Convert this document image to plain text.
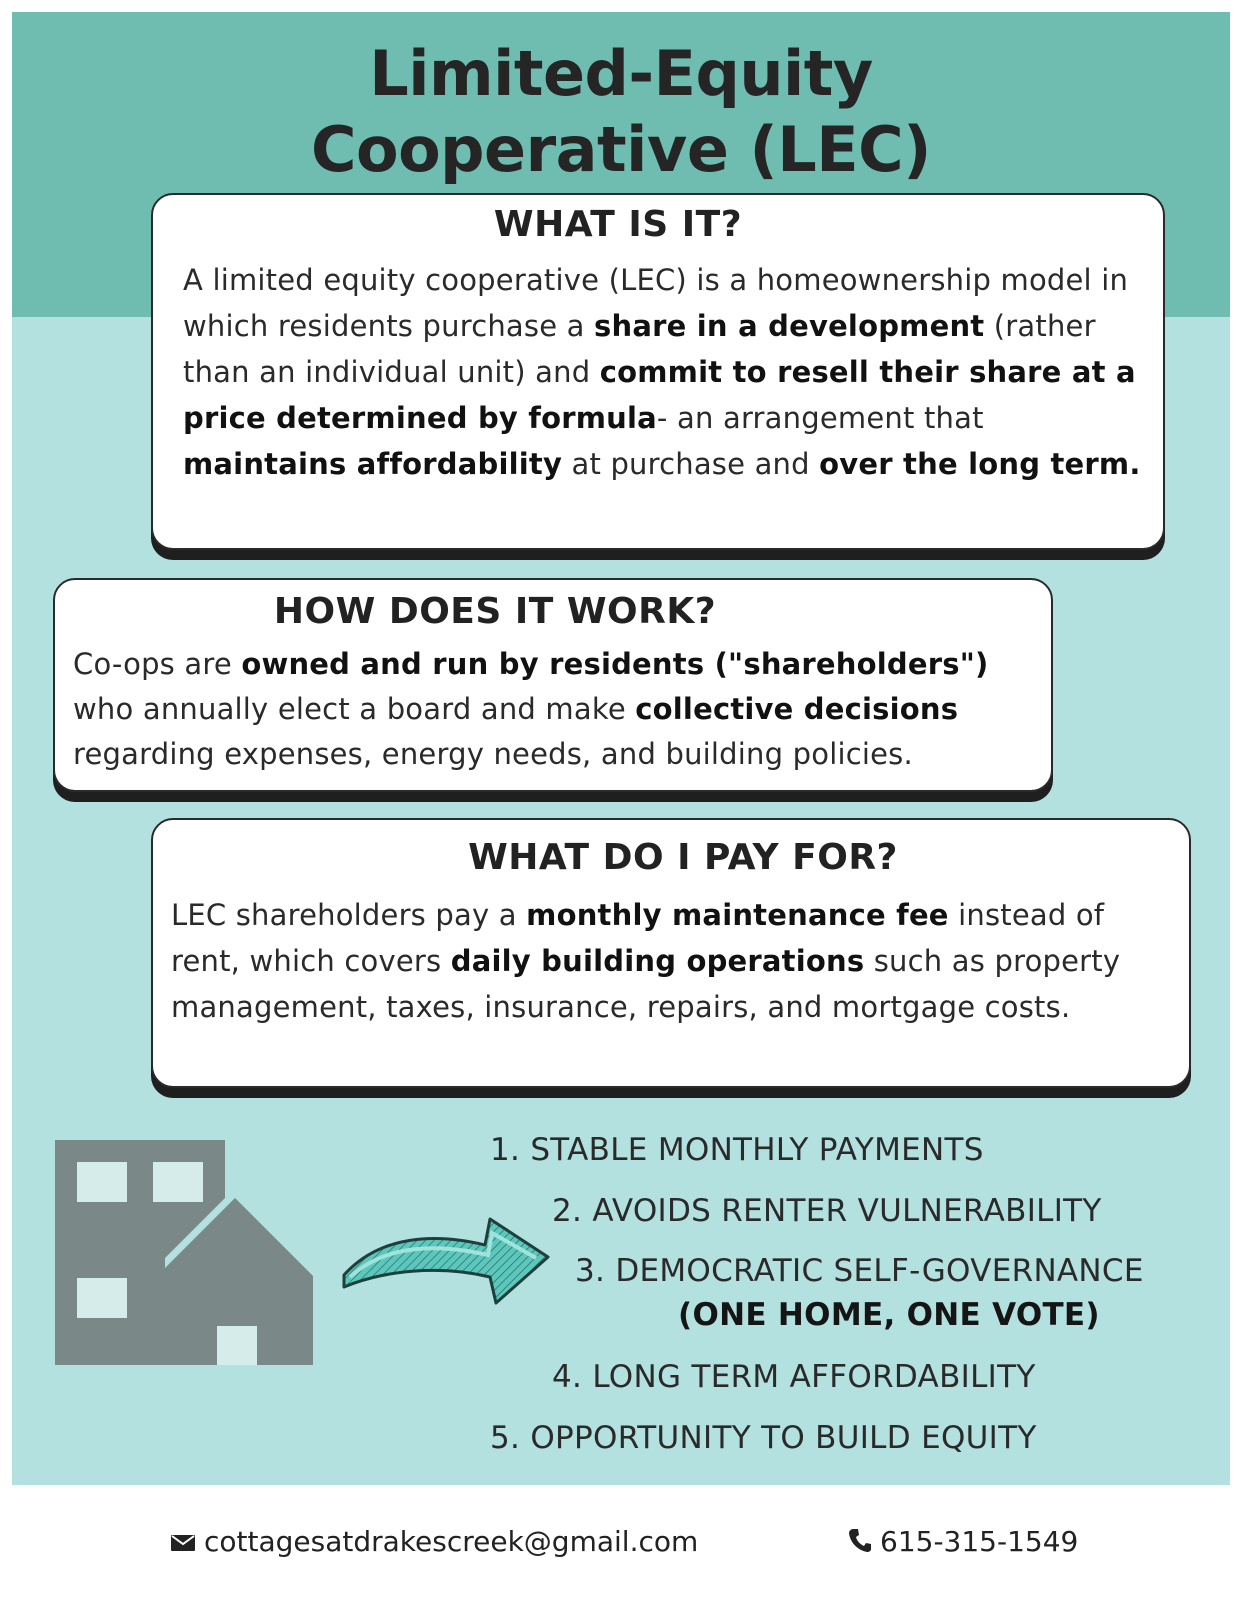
Limited-Equity
Cooperative (LEC)
WHAT IS IT?

A limited equity cooperative (LEC) is a homeownership model in which residents purchase a share in a development (rather than an individual unit) and commit to resell their share at a price determined by formula- an arrangement that maintains affordability at purchase and over the long term.

HOW DOES IT WORK?

Co-ops are owned and run by residents ("shareholders") who annually elect a board and make collective decisions regarding expenses, energy needs, and building policies.

WHAT DO I PAY FOR?

LEC shareholders pay a monthly maintenance fee instead of rent, which covers daily building operations such as property management, taxes, insurance, repairs, and mortgage costs.

1. STABLE MONTHLY PAYMENTS
2. AVOIDS RENTER VULNERABILITY
3. DEMOCRATIC SELF-GOVERNANCE
(ONE HOME, ONE VOTE)
4. LONG TERM AFFORDABILITY
5. OPPORTUNITY TO BUILD EQUITY
cottagesatdrakescreek@gmail.com	615-315-1549
